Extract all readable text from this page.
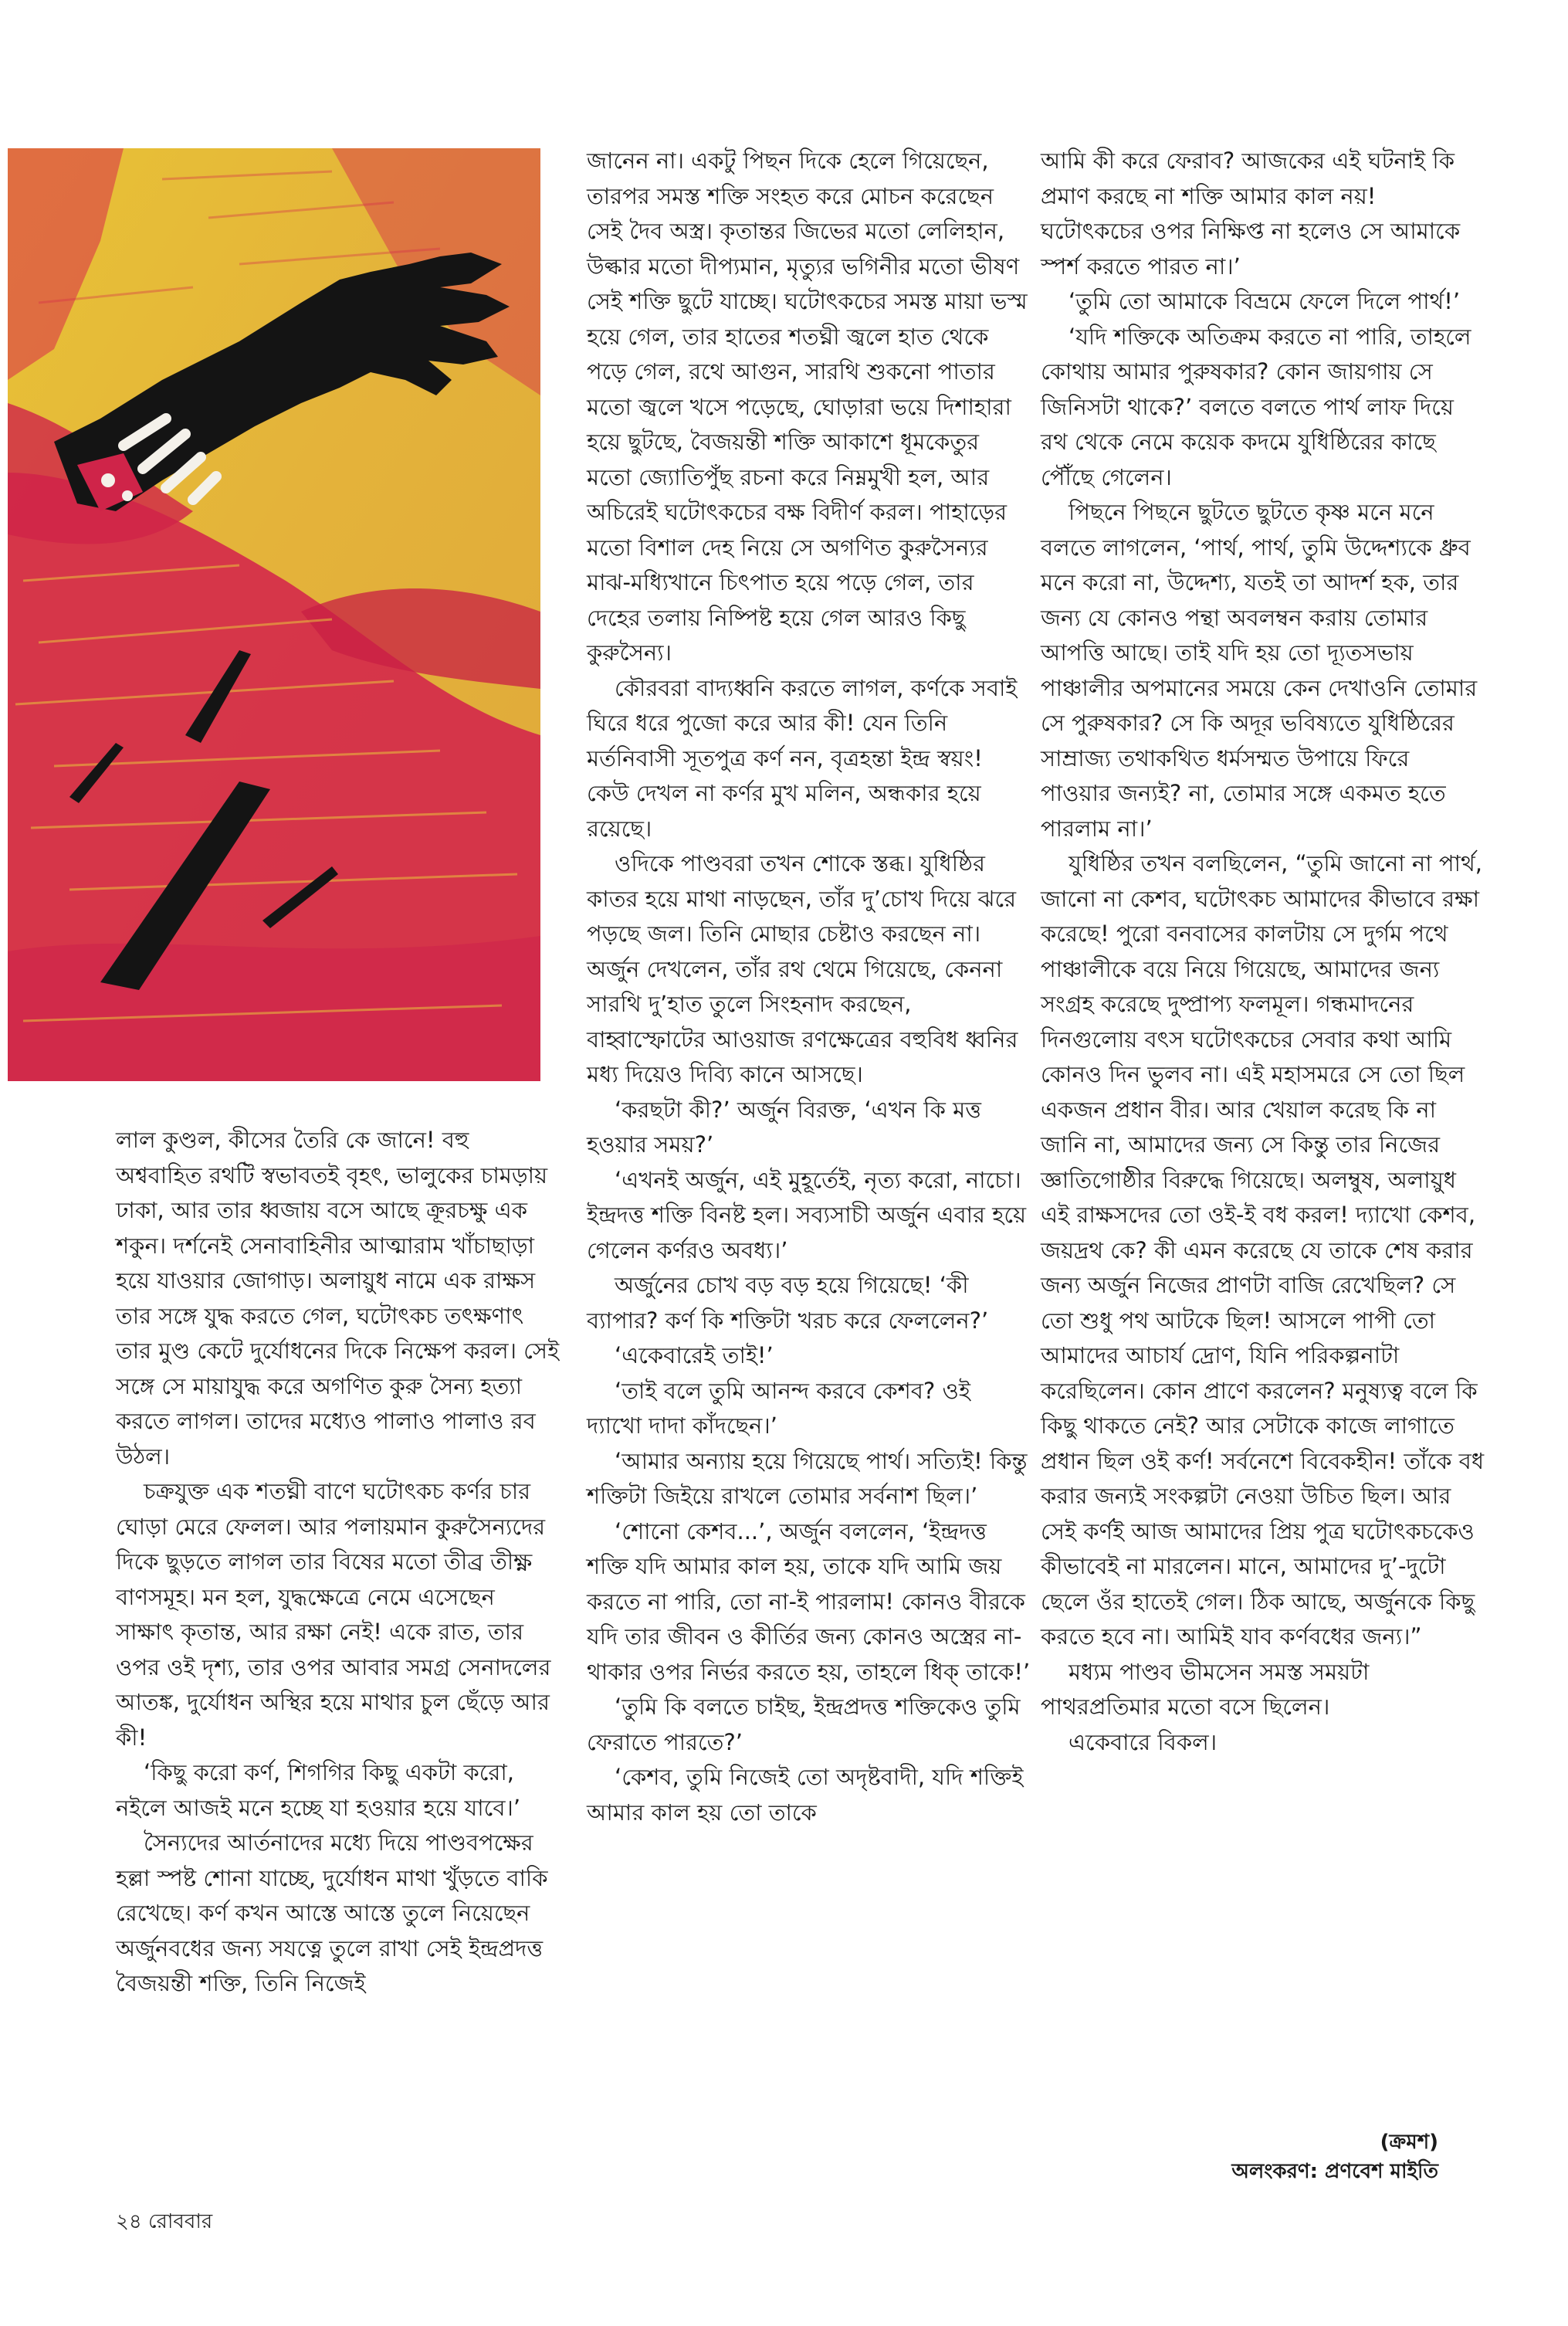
লাল কুণ্ডল, কীসের তৈরি কে জানে! বহু অশ্ববাহিত রথটি স্বভাবতই বৃহৎ, ভালুকের চামড়ায় ঢাকা, আর তার ধ্বজায় বসে আছে ক্রূরচক্ষু এক শকুন। দর্শনেই সেনাবাহিনীর আত্মারাম খাঁচাছাড়া হয়ে যাওয়ার জোগাড়। অলায়ুধ নামে এক রাক্ষস তার সঙ্গে যুদ্ধ করতে গেল, ঘটোৎকচ তৎক্ষণাৎ তার মুণ্ড কেটে দুর্যোধনের দিকে নিক্ষেপ করল। সেই সঙ্গে সে মায়াযুদ্ধ করে অগণিত কুরু সৈন্য হত্যা করতে লাগল। তাদের মধ্যেও পালাও পালাও রব উঠল।

চক্রযুক্ত এক শতঘ্নী বাণে ঘটোৎকচ কর্ণর চার ঘোড়া মেরে ফেলল। আর পলায়মান কুরুসৈন্যদের দিকে ছুড়তে লাগল তার বিষের মতো তীব্র তীক্ষ্ণ বাণসমূহ। মন হল, যুদ্ধক্ষেত্রে নেমে এসেছেন সাক্ষাৎ কৃতান্ত, আর রক্ষা নেই! একে রাত, তার ওপর ওই দৃশ্য, তার ওপর আবার সমগ্র সেনাদলের আতঙ্ক, দুর্যোধন অস্থির হয়ে মাথার চুল ছেঁড়ে আর কী!

‘কিছু করো কর্ণ, শিগগির কিছু একটা করো, নইলে আজই মনে হচ্ছে যা হওয়ার হয়ে যাবে।’

সৈন্যদের আর্তনাদের মধ্যে দিয়ে পাণ্ডবপক্ষের হল্লা স্পষ্ট শোনা যাচ্ছে, দুর্যোধন মাথা খুঁড়তে বাকি রেখেছে। কর্ণ কখন আস্তে আস্তে তুলে নিয়েছেন অর্জুনবধের জন্য সযত্নে তুলে রাখা সেই ইন্দ্রপ্রদত্ত বৈজয়ন্তী শক্তি, তিনি নিজেই

জানেন না। একটু পিছন দিকে হেলে গিয়েছেন, তারপর সমস্ত শক্তি সংহত করে মোচন করেছেন সেই দৈব অস্ত্র। কৃতান্তর জিভের মতো লেলিহান, উল্কার মতো দীপ্যমান, মৃত্যুর ভগিনীর মতো ভীষণ সেই শক্তি ছুটে যাচ্ছে। ঘটোৎকচের সমস্ত মায়া ভস্ম হয়ে গেল, তার হাতের শতঘ্নী জ্বলে হাত থেকে পড়ে গেল, রথে আগুন, সারথি শুকনো পাতার মতো জ্বলে খসে পড়েছে, ঘোড়ারা ভয়ে দিশাহারা হয়ে ছুটছে, বৈজয়ন্তী শক্তি আকাশে ধূমকেতুর মতো জ্যোতিপুঁছ রচনা করে নিম্নমুখী হল, আর অচিরেই ঘটোৎকচের বক্ষ বিদীর্ণ করল। পাহাড়ের মতো বিশাল দেহ নিয়ে সে অগণিত কুরুসৈন্যর মাঝ-মধ্যিখানে চিৎপাত হয়ে পড়ে গেল, তার দেহের তলায় নিষ্পিষ্ট হয়ে গেল আরও কিছু কুরুসৈন্য।

কৌরবরা বাদ্যধ্বনি করতে লাগল, কর্ণকে সবাই ঘিরে ধরে পুজো করে আর কী! যেন তিনি মর্তনিবাসী সূতপুত্র কর্ণ নন, বৃত্রহন্তা ইন্দ্র স্বয়ং! কেউ দেখল না কর্ণর মুখ মলিন, অন্ধকার হয়ে রয়েছে।

ওদিকে পাণ্ডবরা তখন শোকে স্তব্ধ। যুধিষ্ঠির কাতর হয়ে মাথা নাড়ছেন, তাঁর দু’চোখ দিয়ে ঝরে পড়ছে জল। তিনি মোছার চেষ্টাও করছেন না। অর্জুন দেখলেন, তাঁর রথ থেমে গিয়েছে, কেননা সারথি দু’হাত তুলে সিংহনাদ করছেন, বাহ্বাস্ফোটের আওয়াজ রণক্ষেত্রের বহুবিধ ধ্বনির মধ্য দিয়েও দিব্যি কানে আসছে।

‘করছটা কী?’ অর্জুন বিরক্ত, ‘এখন কি মত্ত হওয়ার সময়?’

‘এখনই অর্জুন, এই মুহূর্তেই, নৃত্য করো, নাচো। ইন্দ্রদত্ত শক্তি বিনষ্ট হল। সব্যসাচী অর্জুন এবার হয়ে গেলেন কর্ণরও অবধ্য।’

অর্জুনের চোখ বড় বড় হয়ে গিয়েছে! ‘কী ব্যাপার? কর্ণ কি শক্তিটা খরচ করে ফেললেন?’

‘একেবারেই তাই!’

‘তাই বলে তুমি আনন্দ করবে কেশব? ওই দ্যাখো দাদা কাঁদছেন।’

‘আমার অন্যায় হয়ে গিয়েছে পার্থ। সত্যিই! কিন্তু শক্তিটা জিইয়ে রাখলে তোমার সর্বনাশ ছিল।’

‘শোনো কেশব...’, অর্জুন বললেন, ‘ইন্দ্রদত্ত শক্তি যদি আমার কাল হয়, তাকে যদি আমি জয় করতে না পারি, তো না-ই পারলাম! কোনও বীরকে যদি তার জীবন ও কীর্তির জন্য কোনও অস্ত্রের না-থাকার ওপর নির্ভর করতে হয়, তাহলে ধিক্ তাকে!’

‘তুমি কি বলতে চাইছ, ইন্দ্রপ্রদত্ত শক্তিকেও তুমি ফেরাতে পারতে?’

‘কেশব, তুমি নিজেই তো অদৃষ্টবাদী, যদি শক্তিই আমার কাল হয় তো তাকে

আমি কী করে ফেরাব? আজকের এই ঘটনাই কি প্রমাণ করছে না শক্তি আমার কাল নয়! ঘটোৎকচের ওপর নিক্ষিপ্ত না হলেও সে আমাকে স্পর্শ করতে পারত না।’

‘তুমি তো আমাকে বিভ্রমে ফেলে দিলে পার্থ!’

‘যদি শক্তিকে অতিক্রম করতে না পারি, তাহলে কোথায় আমার পুরুষকার? কোন জায়গায় সে জিনিসটা থাকে?’ বলতে বলতে পার্থ লাফ দিয়ে রথ থেকে নেমে কয়েক কদমে যুধিষ্ঠিরের কাছে পৌঁছে গেলেন।

পিছনে পিছনে ছুটতে ছুটতে কৃষ্ণ মনে মনে বলতে লাগলেন, ‘পার্থ, পার্থ, তুমি উদ্দেশ্যকে ধ্রুব মনে করো না, উদ্দেশ্য, যতই তা আদর্শ হক, তার জন্য যে কোনও পন্থা অবলম্বন করায় তোমার আপত্তি আছে। তাই যদি হয় তো দ্যূতসভায় পাঞ্চালীর অপমানের সময়ে কেন দেখাওনি তোমার সে পুরুষকার? সে কি অদূর ভবিষ্যতে যুধিষ্ঠিরের সাম্রাজ্য তথাকথিত ধর্মসম্মত উপায়ে ফিরে পাওয়ার জন্যই? না, তোমার সঙ্গে একমত হতে পারলাম না।’

যুধিষ্ঠির তখন বলছিলেন, “তুমি জানো না পার্থ, জানো না কেশব, ঘটোৎকচ আমাদের কীভাবে রক্ষা করেছে! পুরো বনবাসের কালটায় সে দুর্গম পথে পাঞ্চালীকে বয়ে নিয়ে গিয়েছে, আমাদের জন্য সংগ্রহ করেছে দুষ্প্রাপ্য ফলমূল। গন্ধমাদনের দিনগুলোয় বৎস ঘটোৎকচের সেবার কথা আমি কোনও দিন ভুলব না। এই মহাসমরে সে তো ছিল একজন প্রধান বীর। আর খেয়াল করেছ কি না জানি না, আমাদের জন্য সে কিন্তু তার নিজের জ্ঞাতিগোষ্ঠীর বিরুদ্ধে গিয়েছে। অলম্বুষ, অলায়ুধ এই রাক্ষসদের তো ওই-ই বধ করল! দ্যাখো কেশব, জয়দ্রথ কে? কী এমন করেছে যে তাকে শেষ করার জন্য অর্জুন নিজের প্রাণটা বাজি রেখেছিল? সে তো শুধু পথ আটকে ছিল! আসলে পাপী তো আমাদের আচার্য দ্রোণ, যিনি পরিকল্পনাটা করেছিলেন। কোন প্রাণে করলেন? মনুষ্যত্ব বলে কি কিছু থাকতে নেই? আর সেটাকে কাজে লাগাতে প্রধান ছিল ওই কর্ণ! সর্বনেশে বিবেকহীন! তাঁকে বধ করার জন্যই সংকল্পটা নেওয়া উচিত ছিল। আর সেই কর্ণই আজ আমাদের প্রিয় পুত্র ঘটোৎকচকেও কীভাবেই না মারলেন। মানে, আমাদের দু’-দুটো ছেলে ওঁর হাতেই গেল। ঠিক আছে, অর্জুনকে কিছু করতে হবে না। আমিই যাব কর্ণবধের জন্য।”

মধ্যম পাণ্ডব ভীমসেন সমস্ত সময়টা পাথরপ্রতিমার মতো বসে ছিলেন।

একেবারে বিকল।

(ক্রমশ)

অলংকরণ: প্রণবেশ মাইতি

২৪ রোববার
